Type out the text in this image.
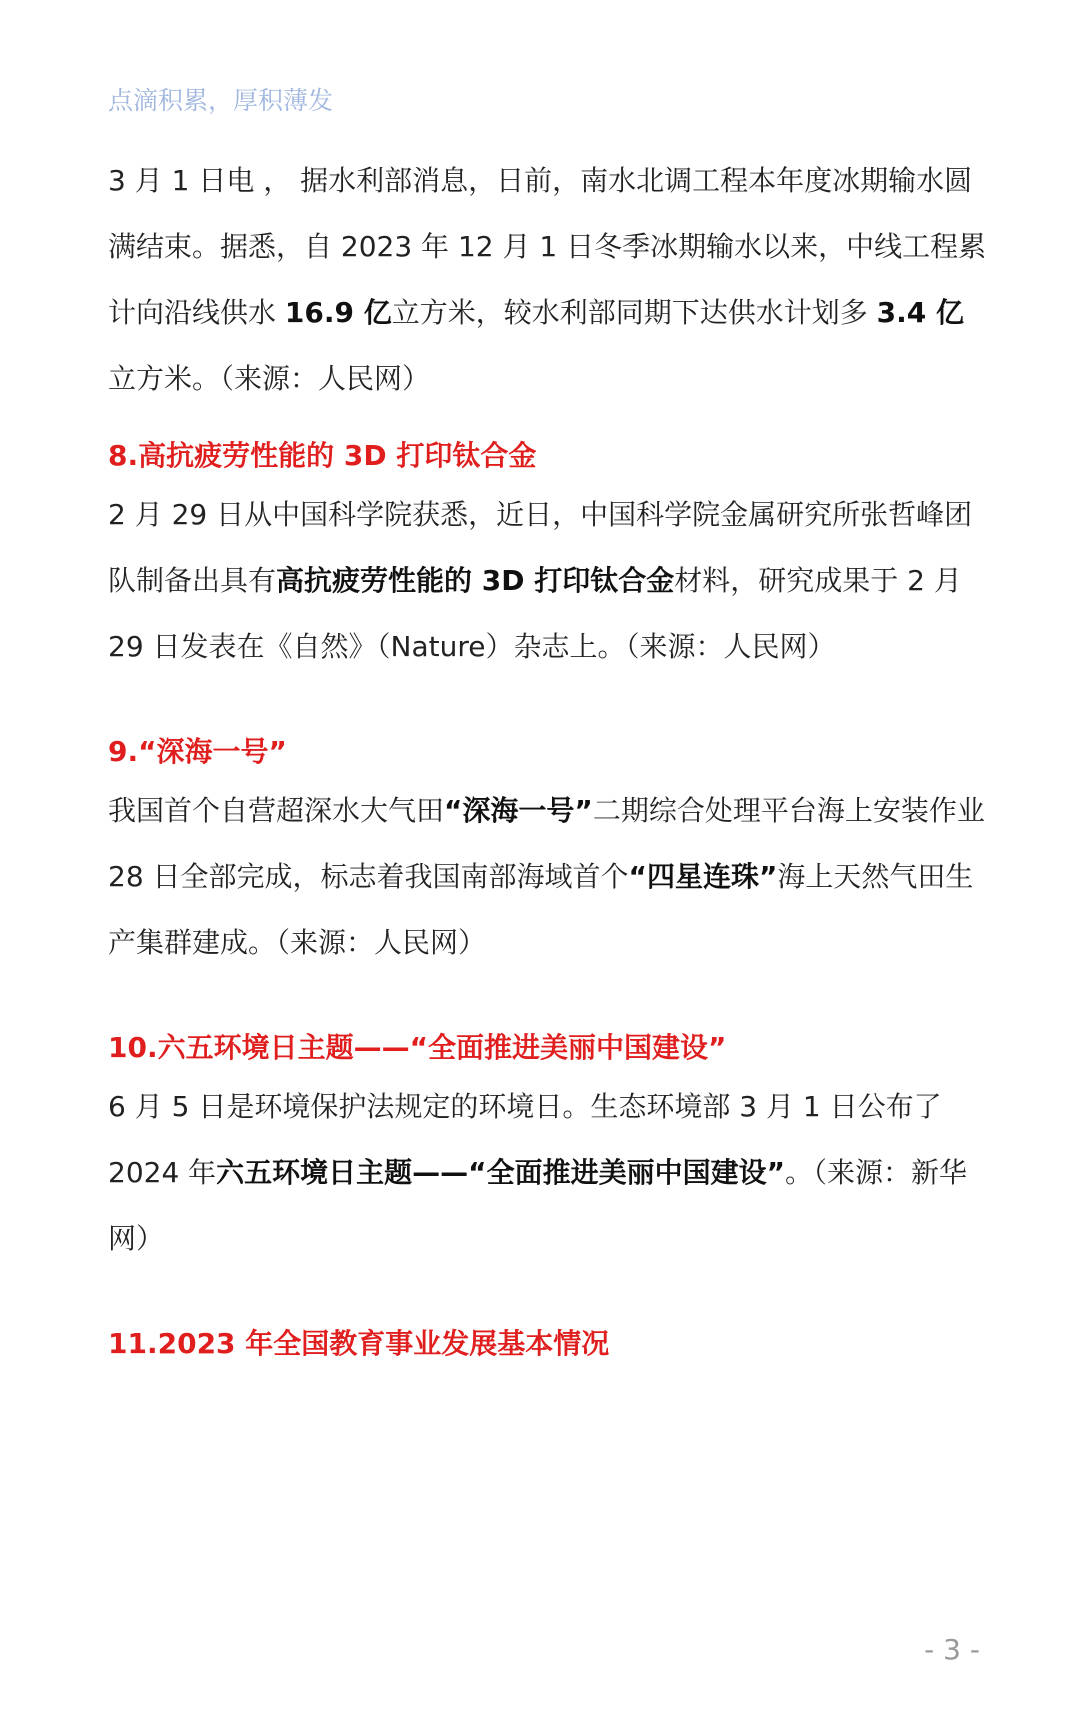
点滴积累，厚积薄发
3 月 1 日电 ， 据水利部消息，日前，南水北调工程本年度冰期输水圆满结束。据悉，自 2023 年 12 月 1 日冬季冰期输水以来，中线工程累计向沿线供水 16.9 亿立方米，较水利部同期下达供水计划多 3.4 亿立方米。（来源：人民网）
8.高抗疲劳性能的 3D 打印钛合金
2 月 29 日从中国科学院获悉，近日，中国科学院金属研究所张哲峰团队制备出具有高抗疲劳性能的 3D 打印钛合金材料，研究成果于 2 月 29 日发表在《自然》（Nature）杂志上。（来源：人民网）
9.“深海一号”
我国首个自营超深水大气田“深海一号”二期综合处理平台海上安装作业 28 日全部完成，标志着我国南部海域首个“四星连珠”海上天然气田生产集群建成。（来源：人民网）
10.六五环境日主题——“全面推进美丽中国建设”
6 月 5 日是环境保护法规定的环境日。生态环境部 3 月 1 日公布了 2024 年六五环境日主题——“全面推进美丽中国建设”。（来源：新华网）
11.2023 年全国教育事业发展基本情况
- 3 -
